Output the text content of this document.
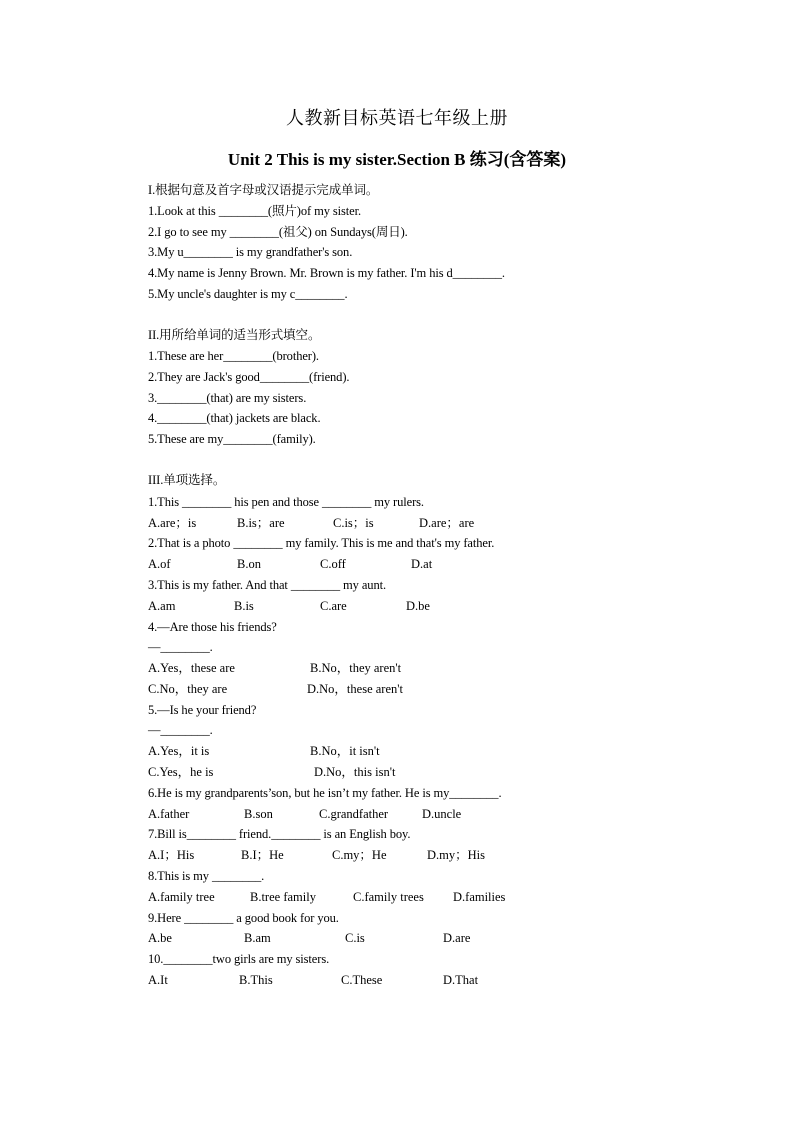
人教新目标英语七年级上册
Unit 2 This is my sister.Section B 练习(含答案)
I.根据句意及首字母或汉语提示完成单词。
1.Look at this ________(照片)of my sister.
2.I go to see my ________(祖父) on Sundays(周日).
3.My u________ is my grandfather's son.
4.My name is Jenny Brown. Mr. Brown is my father. I'm his d________.
5.My uncle's daughter is my c________.
II.用所给单词的适当形式填空。
1.These are her________(brother).
2.They are Jack's good________(friend).
3.________(that) are my sisters.
4.________(that) jackets are black.
5.These are my________(family).
III.单项选择。
1.This ________ his pen and those ________ my rulers.
A.are；is	B.is；are	C.is；is	D.are；are
2.That is a photo ________ my family. This is me and that's my father.
A.of	B.on	C.off	D.at
3.This is my father. And that ________ my aunt.
A.am	B.is	C.are	D.be
4.—Are those his friends?
—________.
A.Yes，these are	B.No，they aren't
C.No，they are	D.No，these aren't
5.—Is he your friend?
—________.
A.Yes，it is	B.No，it isn't
C.Yes，he is	D.No，this isn't
6.He is my grandparents’son, but he isn’t my father. He is my________.
A.father	B.son	C.grandfather	D.uncle
7.Bill is________ friend.________ is an English boy.
A.I；His	B.I；He	C.my；He	D.my；His
8.This is my ________.
A.family tree	B.tree family	C.family trees D.families
9.Here ________ a good book for you.
A.be	B.am	C.is	D.are
10.________two girls are my sisters.
A.It	B.This	C.These	D.That
